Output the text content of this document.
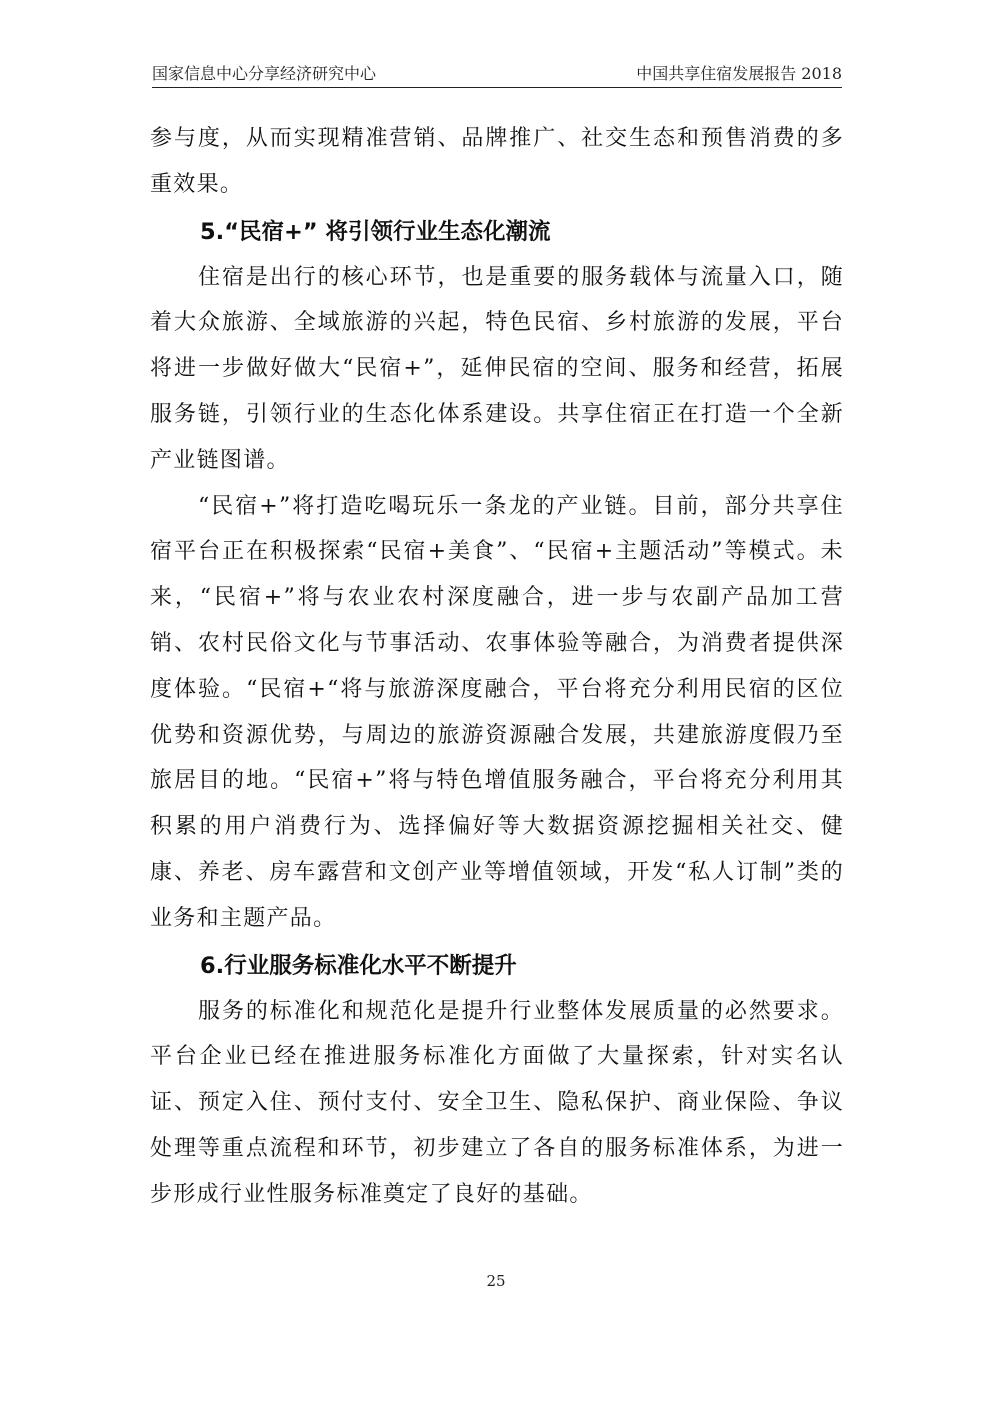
国家信息中心分享经济研究中心	中国共享住宿发展报告 2018

参与度，从而实现精准营销、品牌推广、社交生态和预售消费的多重效果。

5.“民宿+” 将引领行业生态化潮流

住宿是出行的核心环节，也是重要的服务载体与流量入口，随着大众旅游、全域旅游的兴起，特色民宿、乡村旅游的发展，平台将进一步做好做大“民宿+”，延伸民宿的空间、服务和经营，拓展服务链，引领行业的生态化体系建设。共享住宿正在打造一个全新产业链图谱。

“民宿+”将打造吃喝玩乐一条龙的产业链。目前，部分共享住宿平台正在积极探索“民宿+美食”、“民宿+主题活动”等模式。未来，“民宿+”将与农业农村深度融合，进一步与农副产品加工营销、农村民俗文化与节事活动、农事体验等融合，为消费者提供深度体验。“民宿+“将与旅游深度融合，平台将充分利用民宿的区位优势和资源优势，与周边的旅游资源融合发展，共建旅游度假乃至旅居目的地。“民宿+”将与特色增值服务融合，平台将充分利用其积累的用户消费行为、选择偏好等大数据资源挖掘相关社交、健康、养老、房车露营和文创产业等增值领域，开发“私人订制”类的业务和主题产品。

6.行业服务标准化水平不断提升

服务的标准化和规范化是提升行业整体发展质量的必然要求。平台企业已经在推进服务标准化方面做了大量探索，针对实名认证、预定入住、预付支付、安全卫生、隐私保护、商业保险、争议处理等重点流程和环节，初步建立了各自的服务标准体系，为进一步形成行业性服务标准奠定了良好的基础。

25
